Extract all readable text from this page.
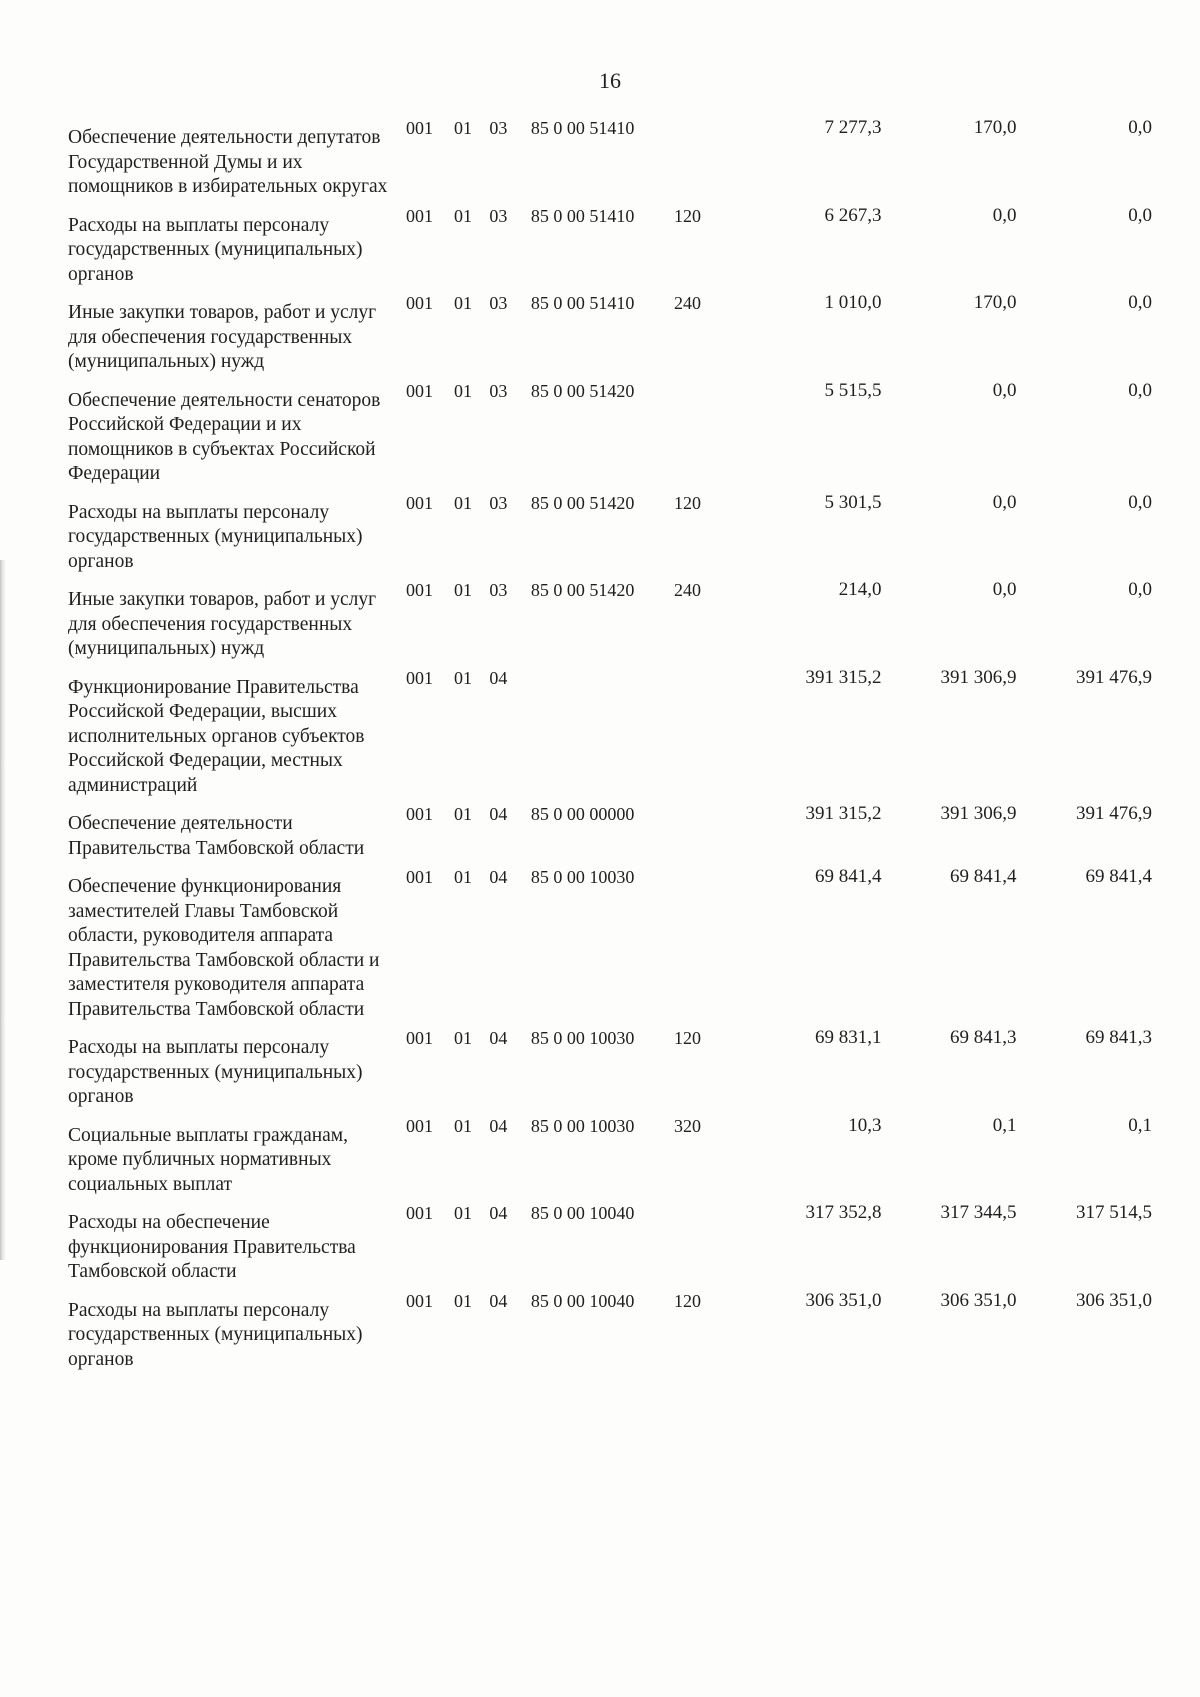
16
Обеспечение деятельности депутатов Государственной Думы и их помощников в избирательных округах	001	01	03	85 0 00 51410		7 277,3	170,0	0,0
Расходы на выплаты персоналу государственных (муниципальных) органов	001	01	03	85 0 00 51410	120	6 267,3	0,0	0,0
Иные закупки товаров, работ и услуг для обеспечения государственных (муниципальных) нужд	001	01	03	85 0 00 51410	240	1 010,0	170,0	0,0
Обеспечение деятельности сенаторов Российской Федерации и их помощников в субъектах Российской Федерации	001	01	03	85 0 00 51420		5 515,5	0,0	0,0
Расходы на выплаты персоналу государственных (муниципальных) органов	001	01	03	85 0 00 51420	120	5 301,5	0,0	0,0
Иные закупки товаров, работ и услуг для обеспечения государственных (муниципальных) нужд	001	01	03	85 0 00 51420	240	214,0	0,0	0,0
Функционирование Правительства Российской Федерации, высших исполнительных органов субъектов Российской Федерации, местных администраций	001	01	04			391 315,2	391 306,9	391 476,9
Обеспечение деятельности Правительства Тамбовской области	001	01	04	85 0 00 00000		391 315,2	391 306,9	391 476,9
Обеспечение функционирования заместителей Главы Тамбовской области, руководителя аппарата Правительства Тамбовской области и заместителя руководителя аппарата Правительства Тамбовской области	001	01	04	85 0 00 10030		69 841,4	69 841,4	69 841,4
Расходы на выплаты персоналу государственных (муниципальных) органов	001	01	04	85 0 00 10030	120	69 831,1	69 841,3	69 841,3
Социальные выплаты гражданам, кроме публичных нормативных социальных выплат	001	01	04	85 0 00 10030	320	10,3	0,1	0,1
Расходы на обеспечение функционирования Правительства Тамбовской области	001	01	04	85 0 00 10040		317 352,8	317 344,5	317 514,5
Расходы на выплаты персоналу государственных (муниципальных) органов	001	01	04	85 0 00 10040	120	306 351,0	306 351,0	306 351,0
